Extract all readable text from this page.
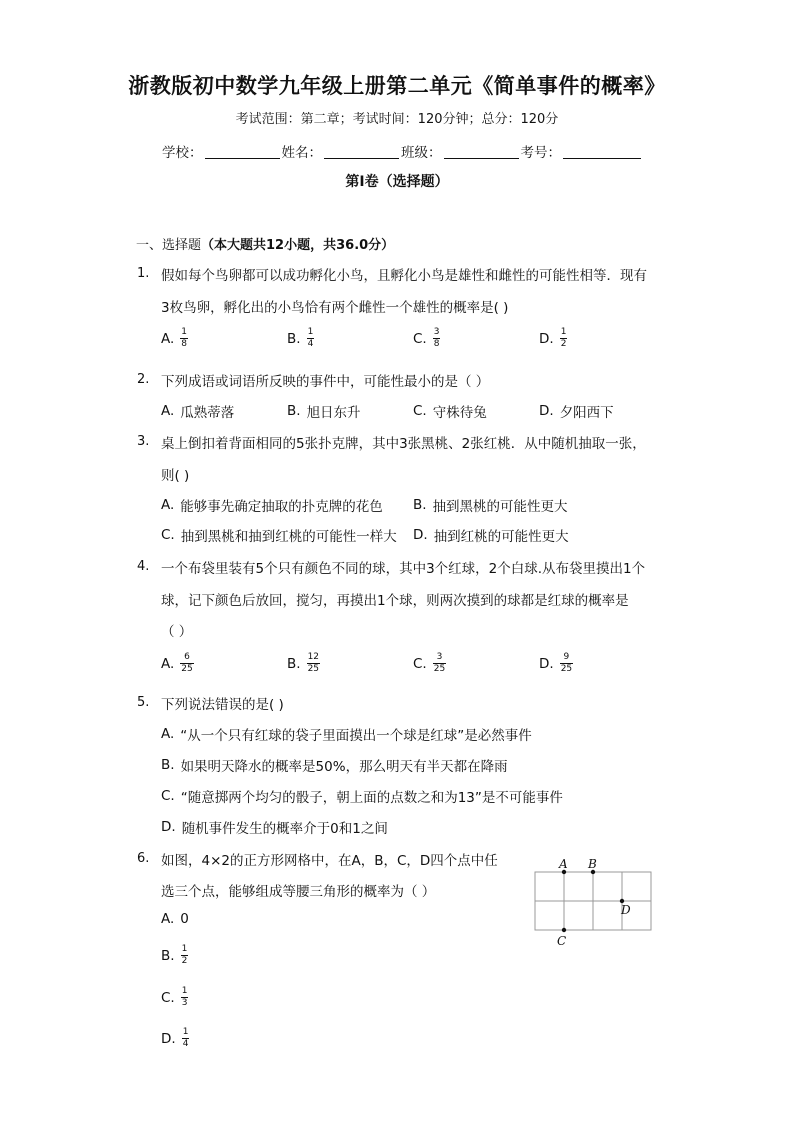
浙教版初中数学九年级上册第二单元《简单事件的概率》
考试范围：第二章；考试时间：120分钟；总分：120分
学校：	姓名：	班级：	考号：
第Ⅰ卷（选择题）
一、选择题（本大题共12小题，共36.0分）
1. 假如每个鸟卵都可以成功孵化小鸟，且孵化小鸟是雄性和雌性的可能性相等．现有
3枚鸟卵，孵化出的小鸟恰有两个雌性一个雄性的概率是( )
A. $\frac{1}{8}$	B. $\frac{1}{4}$	C. $\frac{3}{8}$	D. $\frac{1}{2}$
2. 下列成语或词语所反映的事件中，可能性最小的是（ ）
A. 瓜熟蒂落	B. 旭日东升	C. 守株待兔	D. 夕阳西下
3. 桌上倒扣着背面相同的5张扑克牌，其中3张黑桃、2张红桃．从中随机抽取一张，
则( )
A. 能够事先确定抽取的扑克牌的花色 B. 抽到黑桃的可能性更大
C. 抽到黑桃和抽到红桃的可能性一样大 D. 抽到红桃的可能性更大
4. 一个布袋里装有5个只有颜色不同的球，其中3个红球，2个白球.从布袋里摸出1个
球，记下颜色后放回，搅匀，再摸出1个球，则两次摸到的球都是红球的概率是
（ ）
A. $\frac{6}{25}$	B. $\frac{12}{25}$	C. $\frac{3}{25}$	D. $\frac{9}{25}$
5. 下列说法错误的是( )
A. “从一个只有红球的袋子里面摸出一个球是红球”是必然事件
B. 如果明天降水的概率是50%，那么明天有半天都在降雨
C. “随意掷两个均匀的骰子，朝上面的点数之和为13”是不可能事件
D. 随机事件发生的概率介于0和1之间
6. 如图，4×2的正方形网格中，在A，B，C，D四个点中任
选三个点，能够组成等腰三角形的概率为（ ）
A. 0
B. $\frac{1}{2}$
C. $\frac{1}{3}$
D. $\frac{1}{4}$
A B
C
D
